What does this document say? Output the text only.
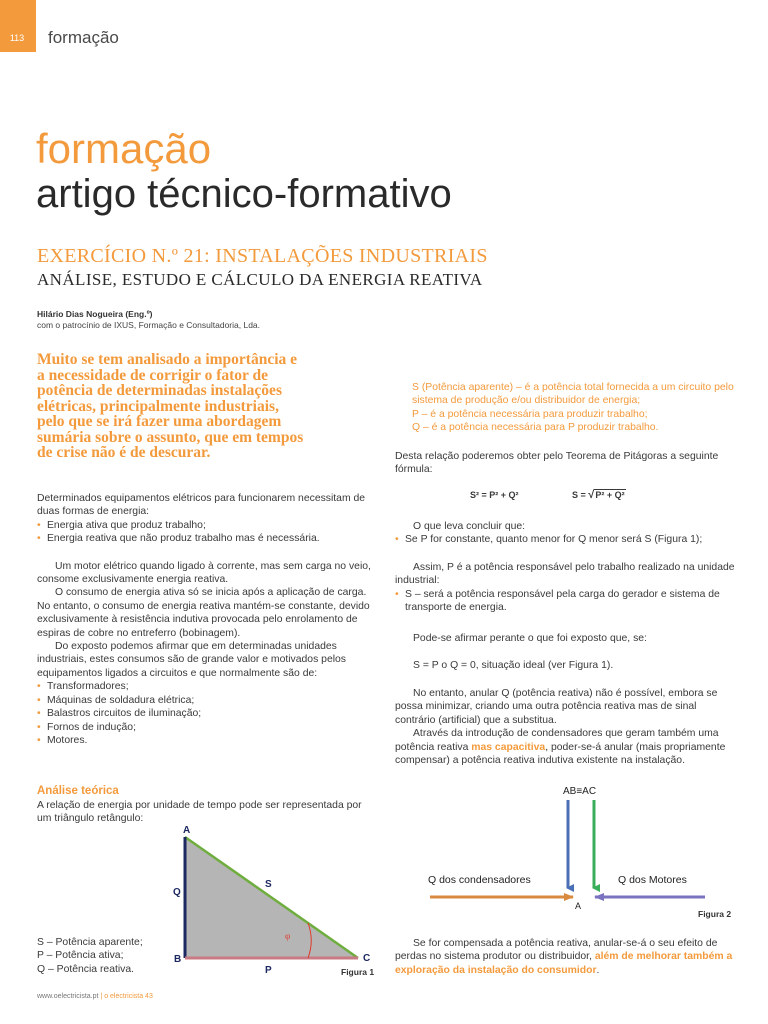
113	formação
formação
artigo técnico-formativo
EXERCÍCIO N.º 21: INSTALAÇÕES INDUSTRIAIS
ANÁLISE, ESTUDO E CÁLCULO DA ENERGIA REATIVA
Hilário Dias Nogueira (Eng.º)
com o patrocínio de IXUS, Formação e Consultadoria, Lda.
Muito se tem analisado a importância e a necessidade de corrigir o fator de potência de determinadas instalações elétricas, principalmente industriais, pelo que se irá fazer uma abordagem sumária sobre o assunto, que em tempos de crise não é de descurar.

Determinados equipamentos elétricos para funcionarem necessitam de duas formas de energia:

• Energia ativa que produz trabalho;
• Energia reativa que não produz trabalho mas é necessária.

Um motor elétrico quando ligado à corrente, mas sem carga no veio, consome exclusivamente energia reativa.

O consumo de energia ativa só se inicia após a aplicação de carga. No entanto, o consumo de energia reativa mantém-se constante, devido exclusivamente à resistência indutiva provocada pelo enrolamento de espiras de cobre no entreferro (bobinagem).

Do exposto podemos afirmar que em determinadas unidades industriais, estes consumos são de grande valor e motivados pelos equipamentos ligados a circuitos e que normalmente são de:

• Transformadores;
• Máquinas de soldadura elétrica;
• Balastros circuitos de iluminação;
• Fornos de indução;
• Motores.
Análise teórica
A relação de energia por unidade de tempo pode ser representada por um triângulo retângulo:
S – Potência aparente;
P – Potência ativa;
Q – Potência reativa.
A
Q
S
φ
B	C
P	Figura 1
S (Potência aparente) – é a potência total fornecida a um circuito pelo sistema de produção e/ou distribuidor de energia;
P – é a potência necessária para produzir trabalho;
Q – é a potência necessária para P produzir trabalho.
Desta relação poderemos obter pelo Teorema de Pitágoras a seguinte fórmula:
S² = P² + Q²	S = √P² + Q²

O que leva concluir que:

• Se P for constante, quanto menor for Q menor será S (Figura 1);

Assim, P é a potência responsável pelo trabalho realizado na unidade industrial:

• S – será a potência responsável pela carga do gerador e sistema de transporte de energia.
Pode-se afirmar perante o que foi exposto que, se:
S = P o Q = 0, situação ideal (ver Figura 1).

No entanto, anular Q (potência reativa) não é possível, embora se possa minimizar, criando uma outra potência reativa mas de sinal contrário (artificial) que a substitua.

Através da introdução de condensadores que geram também uma potência reativa mas capacitiva, poder-se-á anular (mais propriamente compensar) a potência reativa indutiva existente na instalação.

AB≡AC
Q dos condensadores	Q dos Motores
A
Figura 2
Se for compensada a potência reativa, anular-se-á o seu efeito de perdas no sistema produtor ou distribuidor, além de melhorar também a exploração da instalação do consumidor.
www.oelectricista.pt | o electricista 43
